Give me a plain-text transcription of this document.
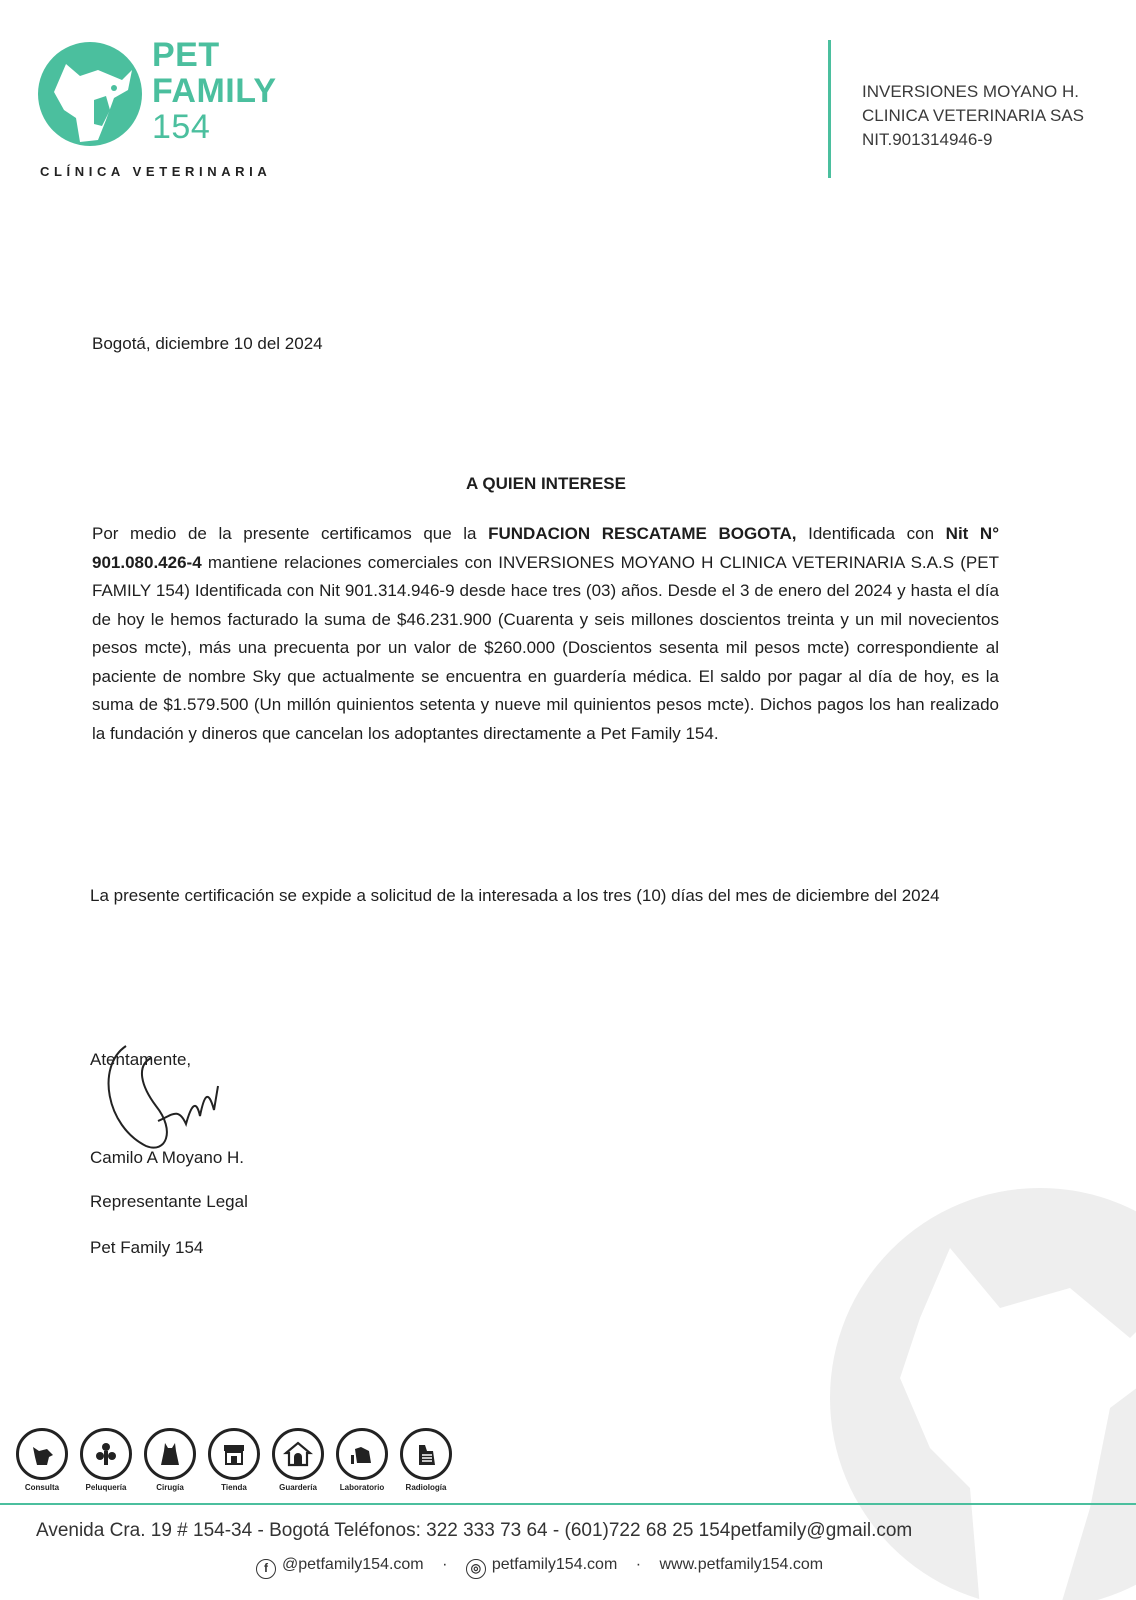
PET
FAMILY
154
CLÍNICA VETERINARIA
INVERSIONES MOYANO H.
CLINICA VETERINARIA SAS
NIT.901314946-9
Bogotá, diciembre 10 del 2024
A QUIEN INTERESE
Por medio de la presente certificamos que la FUNDACION RESCATAME BOGOTA, Identificada con Nit N° 901.080.426-4 mantiene relaciones comerciales con INVERSIONES MOYANO H CLINICA VETERINARIA S.A.S (PET FAMILY 154) Identificada con Nit 901.314.946-9 desde hace tres (03) años. Desde el 3 de enero del 2024 y hasta el día de hoy le hemos facturado la suma de $46.231.900 (Cuarenta y seis millones doscientos treinta y un mil novecientos pesos mcte), más una precuenta por un valor de $260.000 (Doscientos sesenta mil pesos mcte) correspondiente al paciente de nombre Sky que actualmente se encuentra en guardería médica. El saldo por pagar al día de hoy, es la suma de $1.579.500 (Un millón quinientos setenta y nueve mil quinientos pesos mcte). Dichos pagos los han realizado la fundación y dineros que cancelan los adoptantes directamente a Pet Family 154.
La presente certificación se expide a solicitud de la interesada a los tres (10) días del mes de diciembre del 2024
Atentamente,
Camilo A Moyano H.
Representante Legal
Pet Family 154
Consulta	Peluquería	Cirugía	Tienda	Guardería	Laboratorio	Radiología
Avenida Cra. 19 # 154-34 - Bogotá Teléfonos: 322 333 73 64 - (601)722 68 25 154petfamily@gmail.com
f @petfamily154.com · ◎ petfamily154.com · www.petfamily154.com
